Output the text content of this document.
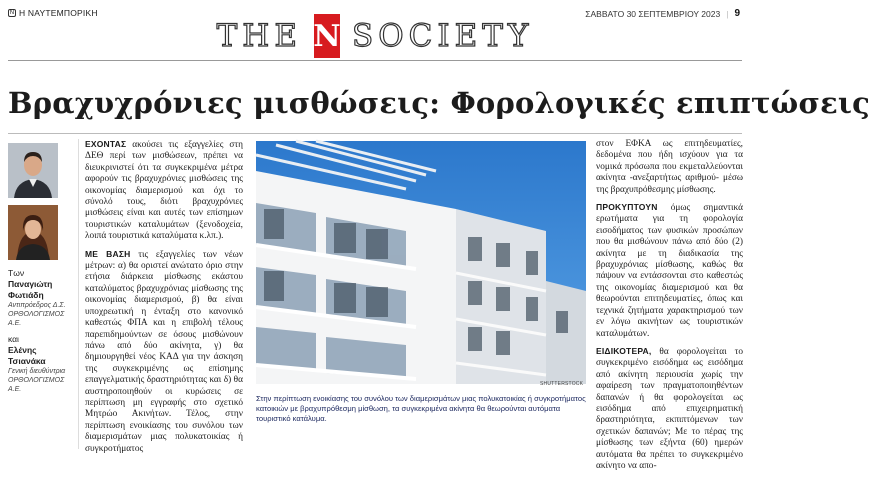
Ν Η ΝΑΥΤΕΜΠΟΡΙΚΗ	ΣΑΒΒΑΤΟ 30 ΣΕΠΤΕΜΒΡΙΟΥ 2023 | 9
THE N SOCIETY
Βραχυχρόνιες μισθώσεις: Φορολογικές επιπτώσεις
Των
Παναγιώτη Φωτιάδη
Αντιπρόεδρος Δ.Σ. ΟΡΘΟΛΟΓΙΣΜΟΣ Α.Ε.
και
Ελένης Τσιανάκα
Γενική διευθύντρια ΟΡΘΟΛΟΓΙΣΜΟΣ Α.Ε.

ΕΧΟΝΤΑΣ ακούσει τις εξαγγελίες στη ΔΕΘ περί των μισθώσεων, πρέπει να διευκρινιστεί ότι τα συγκεκριμένα μέτρα αφορούν τις βραχυχρόνιες μισθώσεις της οικονομίας διαμερισμού και όχι το σύνολό τους, διότι βραχυχρόνιες μισθώσεις είναι και αυτές των επίσημων τουριστικών καταλυμάτων (ξενοδοχεία, λοιπά τουριστικά καταλύματα κ.λπ.).

ΜΕ ΒΑΣΗ τις εξαγγελίες των νέων μέτρων: α) θα οριστεί ανώτατο όριο στην ετήσια διάρκεια μίσθωσης εκάστου καταλύματος βραχυχρόνιας μίσθωσης της οικονομίας διαμερισμού, β) θα είναι υποχρεωτική η ένταξη στο κανονικό καθεστώς ΦΠΑ και η επιβολή τέλους παρεπιδημούντων σε όσους μισθώνουν πάνω από δύο ακίνητα, γ) θα δημιουργηθεί νέος ΚΑΔ για την άσκηση της συγκεκριμένης ως επίσημης επαγγελματικής δραστηριότητας και δ) θα αυστηροποιηθούν οι κυρώσεις σε περίπτωση μη εγγραφής στο σχετικό Μητρώο Ακινήτων. Τέλος, στην περίπτωση ενοικίασης του συνόλου των διαμερισμάτων μιας πολυκατοικίας ή συγκροτήματος

SHUTTERSTOCK
Στην περίπτωση ενοικίασης του συνόλου των διαμερισμάτων μιας πολυκατοικίας ή συγκροτήματος κατοικιών με βραχυπρόθεσμη μίσθωση, τα συγκεκριμένα ακίνητα θα θεωρούνται αυτόματα τουριστικό κατάλυμα.

στον ΕΦΚΑ ως επιτηδευματίες, δεδομένα που ήδη ισχύουν για τα νομικά πρόσωπα που εκμεταλλεύονται ακίνητα -ανεξαρτήτως αριθμού- μέσω της βραχυπρόθεσμης μίσθωσης.

ΠΡΟΚΥΠΤΟΥΝ όμως σημαντικά ερωτήματα για τη φορολογία εισοδήματος των φυσικών προσώπων που θα μισθώνουν πάνω από δύο (2) ακίνητα με τη διαδικασία της βραχυχρόνιας μίσθωσης, καθώς θα πάψουν να εντάσσονται στο καθεστώς της οικονομίας διαμερισμού και θα θεωρούνται επιτηδευματίες, όπως και τεχνικά ζητήματα χαρακτηρισμού των εν λόγω ακινήτων ως τουριστικών καταλυμάτων.

ΕΙΔΙΚΟΤΕΡΑ, θα φορολογείται το συγκεκριμένο εισόδημα ως εισόδημα από ακίνητη περιουσία χωρίς την αφαίρεση των πραγματοποιηθέντων δαπανών ή θα φορολογείται ως εισόδημα από επιχειρηματική δραστηριότητα, εκπιπτόμενων των σχετικών δαπανών; Με το πέρας της μίσθωσης των εξήντα (60) ημερών αυτόματα θα πρέπει το συγκεκριμένο ακίνητο να απο-
